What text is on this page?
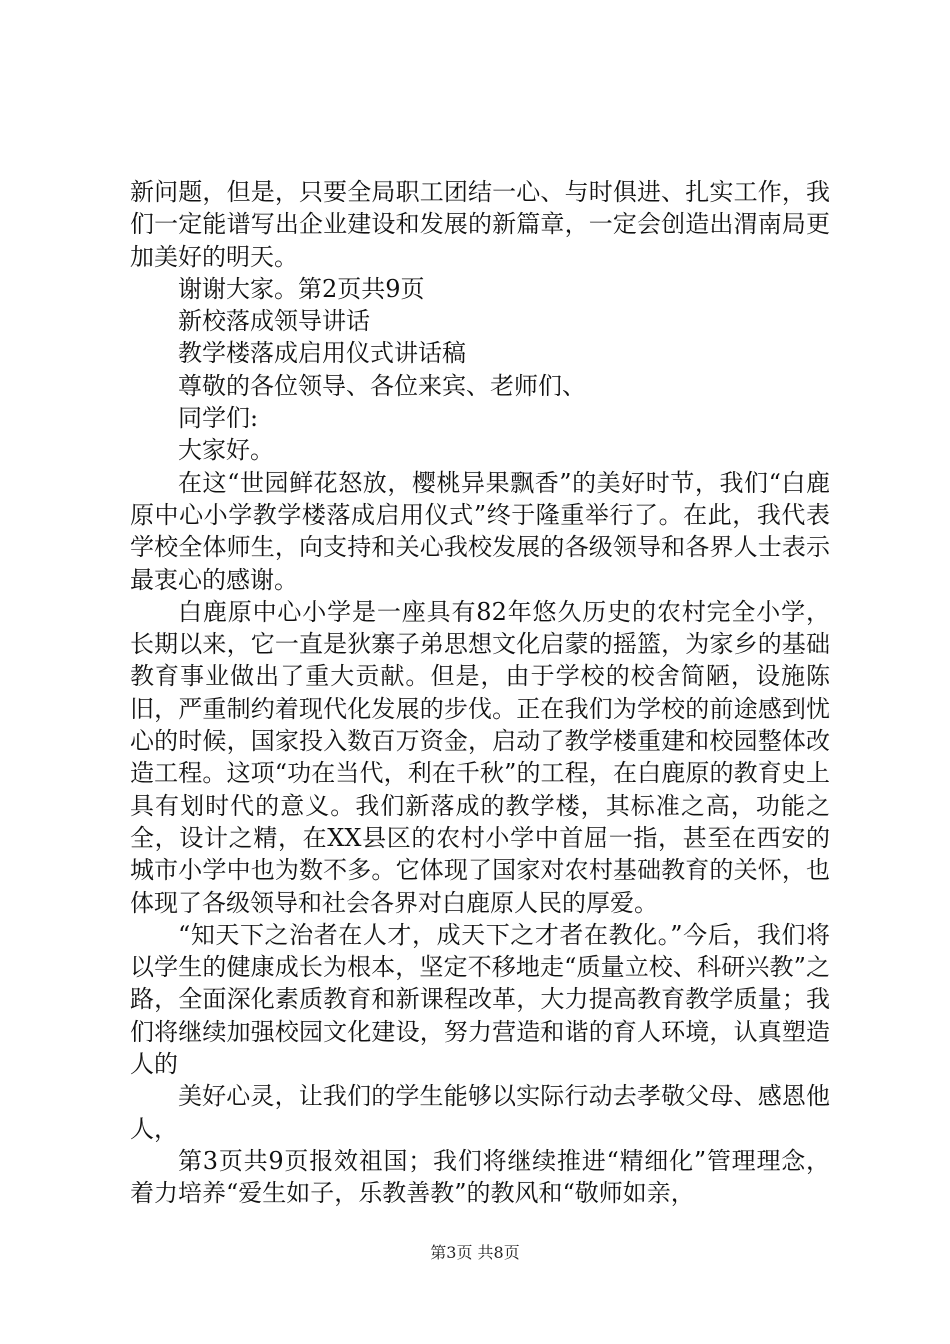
新问题，但是，只要全局职工团结一心、与时俱进、扎实工作，我们一定能谱写出企业建设和发展的新篇章，一定会创造出渭南局更加美好的明天。

谢谢大家。第2页共9页

新校落成领导讲话

教学楼落成启用仪式讲话稿

尊敬的各位领导、各位来宾、老师们、

同学们:

大家好。

在这“世园鲜花怒放，樱桃异果飘香”的美好时节，我们“白鹿原中心小学教学楼落成启用仪式”终于隆重举行了。在此，我代表学校全体师生，向支持和关心我校发展的各级领导和各界人士表示最衷心的感谢。

白鹿原中心小学是一座具有82年悠久历史的农村完全小学，长期以来，它一直是狄寨子弟思想文化启蒙的摇篮，为家乡的基础教育事业做出了重大贡献。但是，由于学校的校舍简陋，设施陈旧，严重制约着现代化发展的步伐。正在我们为学校的前途感到忧心的时候，国家投入数百万资金，启动了教学楼重建和校园整体改造工程。这项“功在当代，利在千秋”的工程，在白鹿原的教育史上具有划时代的意义。我们新落成的教学楼，其标准之高，功能之全，设计之精，在XX县区的农村小学中首屈一指，甚至在西安的城市小学中也为数不多。它体现了国家对农村基础教育的关怀，也体现了各级领导和社会各界对白鹿原人民的厚爱。

“知天下之治者在人才，成天下之才者在教化。”今后，我们将以学生的健康成长为根本，坚定不移地走“质量立校、科研兴教”之路，全面深化素质教育和新课程改革，大力提高教育教学质量；我们将继续加强校园文化建设，努力营造和谐的育人环境，认真塑造人的

美好心灵，让我们的学生能够以实际行动去孝敬父母、感恩他人，

第3页共9页报效祖国；我们将继续推进“精细化”管理理念，着力培养“爱生如子，乐教善教”的教风和“敬师如亲，

第3页 共8页
